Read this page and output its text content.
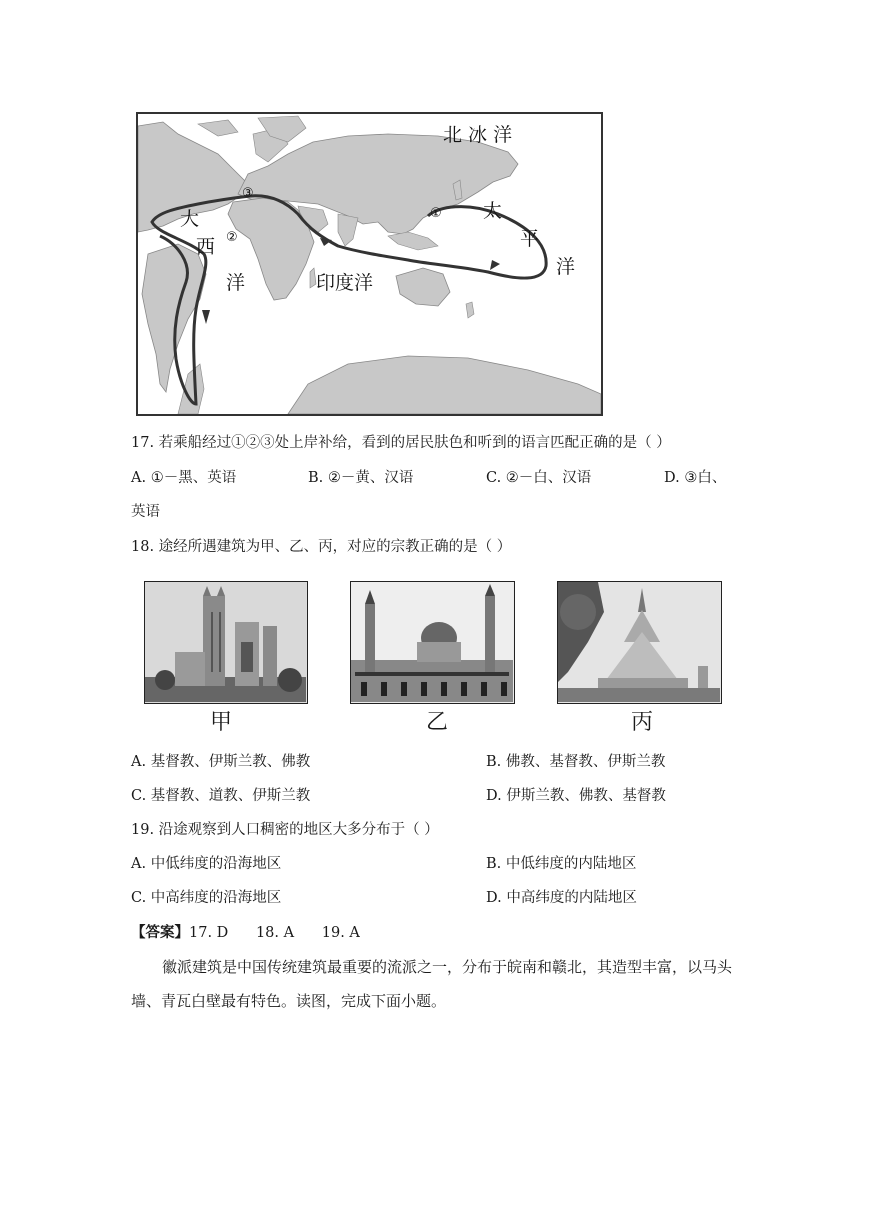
北 冰 洋
太
平
洋
大
西
洋	印度洋
①
②
③
17. 若乘船经过①②③处上岸补给，看到的居民肤色和听到的语言匹配正确的是（ ）
A. ①－黑、英语	B. ②－黄、汉语	C. ②－白、汉语	D. ③白、
英语
18. 途经所遇建筑为甲、乙、丙，对应的宗教正确的是（ ）
甲	乙	丙
A. 基督教、伊斯兰教、佛教	B. 佛教、基督教、伊斯兰教
C. 基督教、道教、伊斯兰教	D. 伊斯兰教、佛教、基督教
19. 沿途观察到人口稠密的地区大多分布于（ ）
A. 中低纬度的沿海地区	B. 中低纬度的内陆地区
C. 中高纬度的沿海地区	D. 中高纬度的内陆地区
【答案】17. D      18. A      19. A
徽派建筑是中国传统建筑最重要的流派之一，分布于皖南和赣北，其造型丰富，以马头
墙、青瓦白壁最有特色。读图，完成下面小题。
